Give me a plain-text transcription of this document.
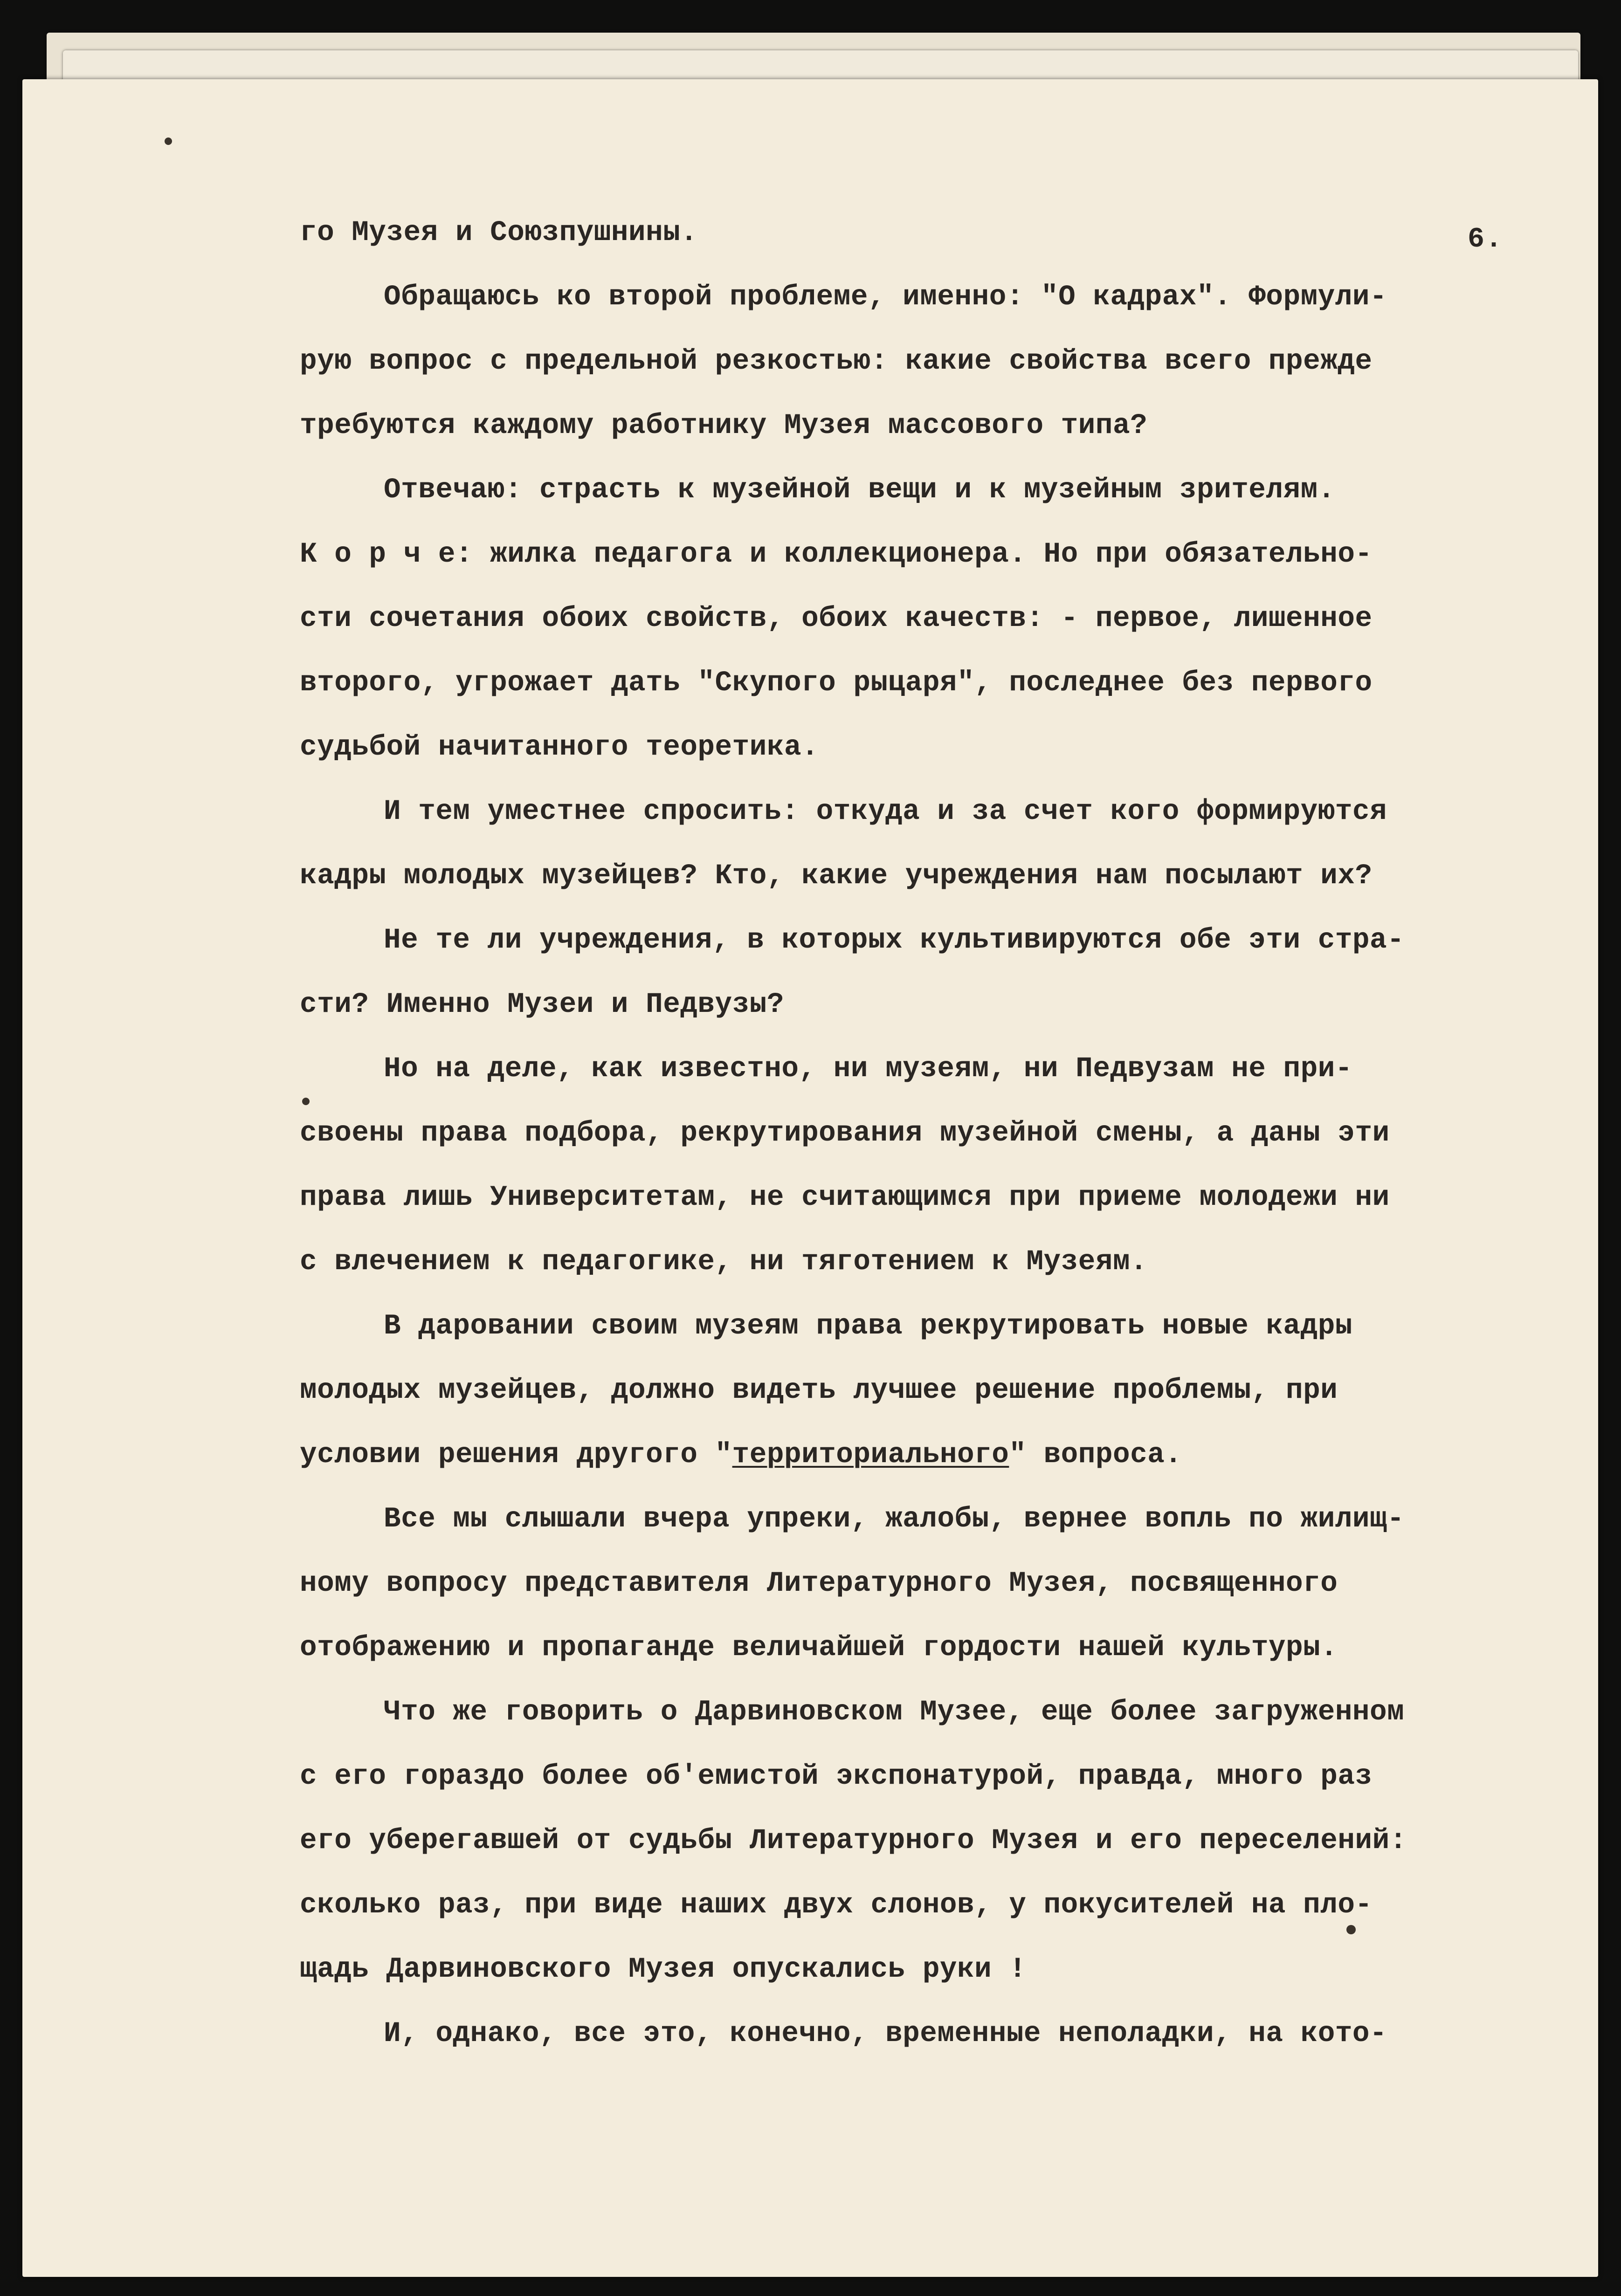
6.
го Музея и Союзпушнины.
Обращаюсь ко второй проблеме, именно: "О кадрах". Формули-
рую вопрос с предельной резкостью: какие свойства всего прежде
требуются каждому работнику Музея массового типа?
Отвечаю: страсть к музейной вещи и к музейным зрителям.
К о р ч е: жилка педагога и коллекционера. Но при обязательно-
сти сочетания обоих свойств, обоих качеств: - первое, лишенное
второго, угрожает дать "Скупого рыцаря", последнее без первого
судьбой начитанного теоретика.
И тем уместнее спросить: откуда и за счет кого формируются
кадры молодых музейцев? Кто, какие учреждения нам посылают их?
Не те ли учреждения, в которых культивируются обе эти стра-
сти? Именно Музеи и Педвузы?
Но на деле, как известно, ни музеям, ни Педвузам не при-
своены права подбора, рекрутирования музейной смены, а даны эти
права лишь Университетам, не считающимся при приеме молодежи ни
с влечением к педагогике, ни тяготением к Музеям.
В даровании своим музеям права рекрутировать новые кадры
молодых музейцев, должно видеть лучшее решение проблемы, при
условии решения другого "территориального" вопроса.
Все мы слышали вчера упреки, жалобы, вернее вопль по жилищ-
ному вопросу представителя Литературного Музея, посвященного
отображению и пропаганде величайшей гордости нашей культуры.
Что же говорить о Дарвиновском Музее, еще более загруженном
с его гораздо более об'емистой экспонатурой, правда, много раз
его уберегавшей от судьбы Литературного Музея и его переселений:
сколько раз, при виде наших двух слонов, у покусителей на пло-
щадь Дарвиновского Музея опускались руки !
И, однако, все это, конечно, временные неполадки, на кото-
